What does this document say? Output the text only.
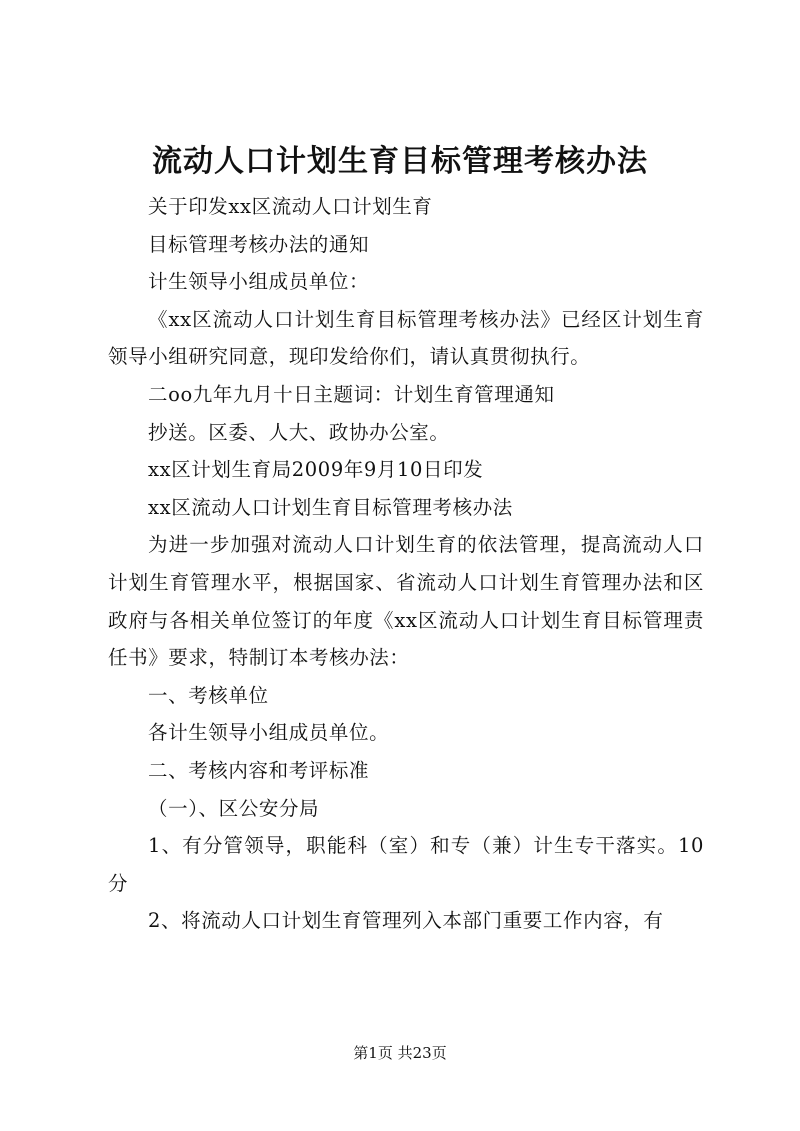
流动人口计划生育目标管理考核办法

关于印发xx区流动人口计划生育

目标管理考核办法的通知

计生领导小组成员单位：

《xx区流动人口计划生育目标管理考核办法》已经区计划生育领导小组研究同意，现印发给你们，请认真贯彻执行。

二oo九年九月十日主题词：计划生育管理通知

抄送。区委、人大、政协办公室。

xx区计划生育局2009年9月10日印发

xx区流动人口计划生育目标管理考核办法

为进一步加强对流动人口计划生育的依法管理，提高流动人口计划生育管理水平，根据国家、省流动人口计划生育管理办法和区政府与各相关单位签订的年度《xx区流动人口计划生育目标管理责任书》要求，特制订本考核办法：

一、考核单位

各计生领导小组成员单位。

二、考核内容和考评标准

（一）、区公安分局

1、有分管领导，职能科（室）和专（兼）计生专干落实。10分

2、将流动人口计划生育管理列入本部门重要工作内容，有

第1页 共23页
